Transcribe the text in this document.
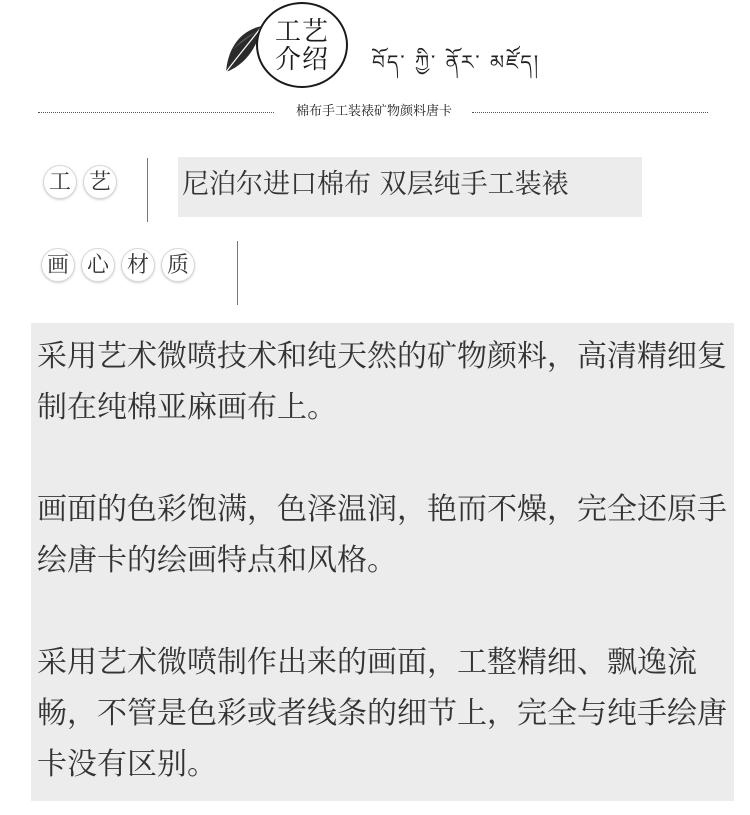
工艺
介绍	བོད་ ཀྱི་ ནོར་ མཛོད།
棉布手工装裱矿物颜料唐卡
工 艺	尼泊尔进口棉布 双层纯手工装裱
画 心 材 质

采用艺术微喷技术和纯天然的矿物颜料，高清精细复制在纯棉亚麻画布上。

画面的色彩饱满，色泽温润，艳而不燥，完全还原手绘唐卡的绘画特点和风格。

采用艺术微喷制作出来的画面，工整精细、飘逸流畅，不管是色彩或者线条的细节上，完全与纯手绘唐卡没有区别。
